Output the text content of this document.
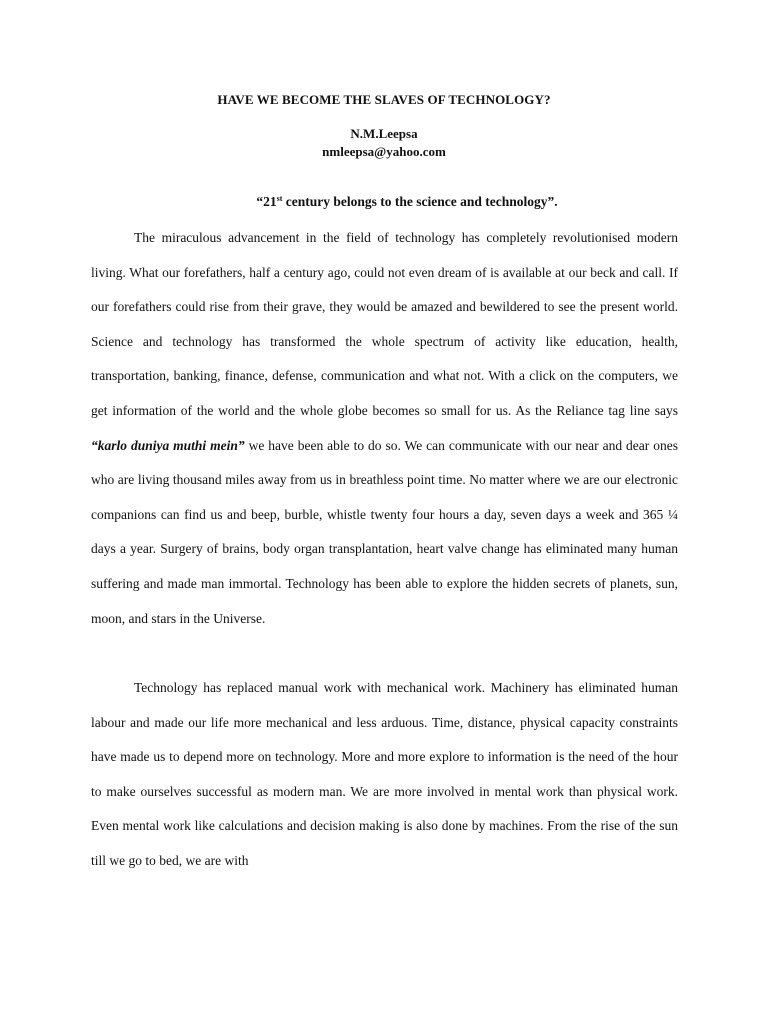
HAVE WE BECOME THE SLAVES OF TECHNOLOGY?
N.M.Leepsa
nmleepsa@yahoo.com
“21st century belongs to the science and technology”.

The miraculous advancement in the field of technology has completely revolutionised modern living. What our forefathers, half a century ago, could not even dream of is available at our beck and call. If our forefathers could rise from their grave, they would be amazed and bewildered to see the present world. Science and technology has transformed the whole spectrum of activity like education, health, transportation, banking, finance, defense, communication and what not. With a click on the computers, we get information of the world and the whole globe becomes so small for us. As the Reliance tag line says “karlo duniya muthi mein” we have been able to do so. We can communicate with our near and dear ones who are living thousand miles away from us in breathless point time. No matter where we are our electronic companions can find us and beep, burble, whistle twenty four hours a day, seven days a week and 365 ¼ days a year. Surgery of brains, body organ transplantation, heart valve change has eliminated many human suffering and made man immortal. Technology has been able to explore the hidden secrets of planets, sun, moon, and stars in the Universe.

Technology has replaced manual work with mechanical work. Machinery has eliminated human labour and made our life more mechanical and less arduous. Time, distance, physical capacity constraints have made us to depend more on technology. More and more explore to information is the need of the hour to make ourselves successful as modern man. We are more involved in mental work than physical work. Even mental work like calculations and decision making is also done by machines. From the rise of the sun till we go to bed, we are with
